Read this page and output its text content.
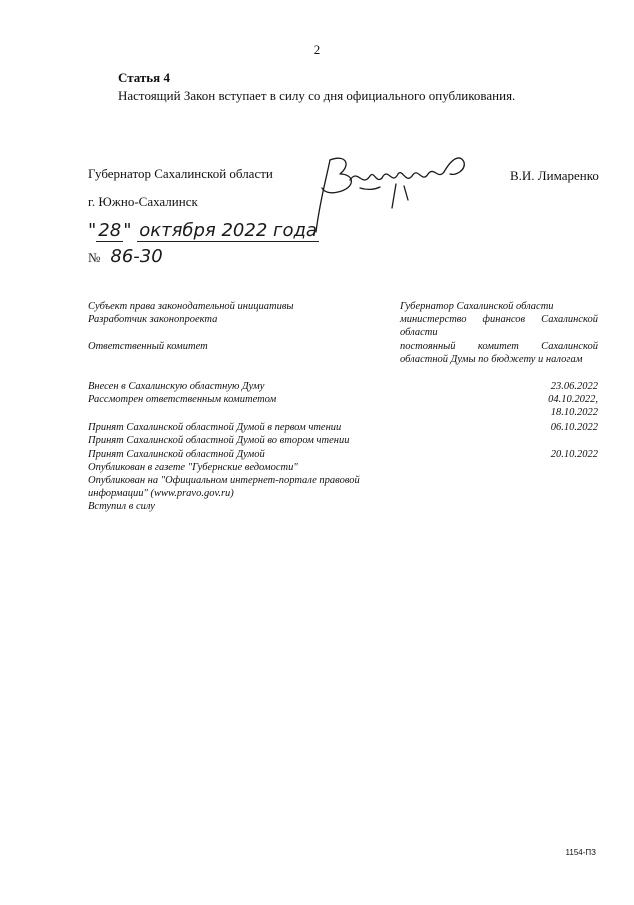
2
Статья 4
Настоящий Закон вступает в силу со дня официального опубликования.
Губернатор Сахалинской области	В.И. Лимаренко
г. Южно-Сахалинск
" 28 " октября 2022 года
№ 86-30
Субъект права законодательной инициативы	Губернатор Сахалинской области
Разработчик законопроекта	министерство финансов Сахалинской области
Ответственный комитет	постоянный комитет Сахалинской областной Думы по бюджету и налогам
Внесен в Сахалинскую областную Думу	23.06.2022
Рассмотрен ответственным комитетом	04.10.2022,
18.10.2022
Принят Сахалинской областной Думой в первом чтении	06.10.2022
Принят Сахалинской областной Думой во втором чтении
Принят Сахалинской областной Думой	20.10.2022
Опубликован в газете "Губернские ведомости"
Опубликован на "Официальном интернет-портале правовой информации" (www.pravo.gov.ru)
Вступил в силу
1154-ПЗ
